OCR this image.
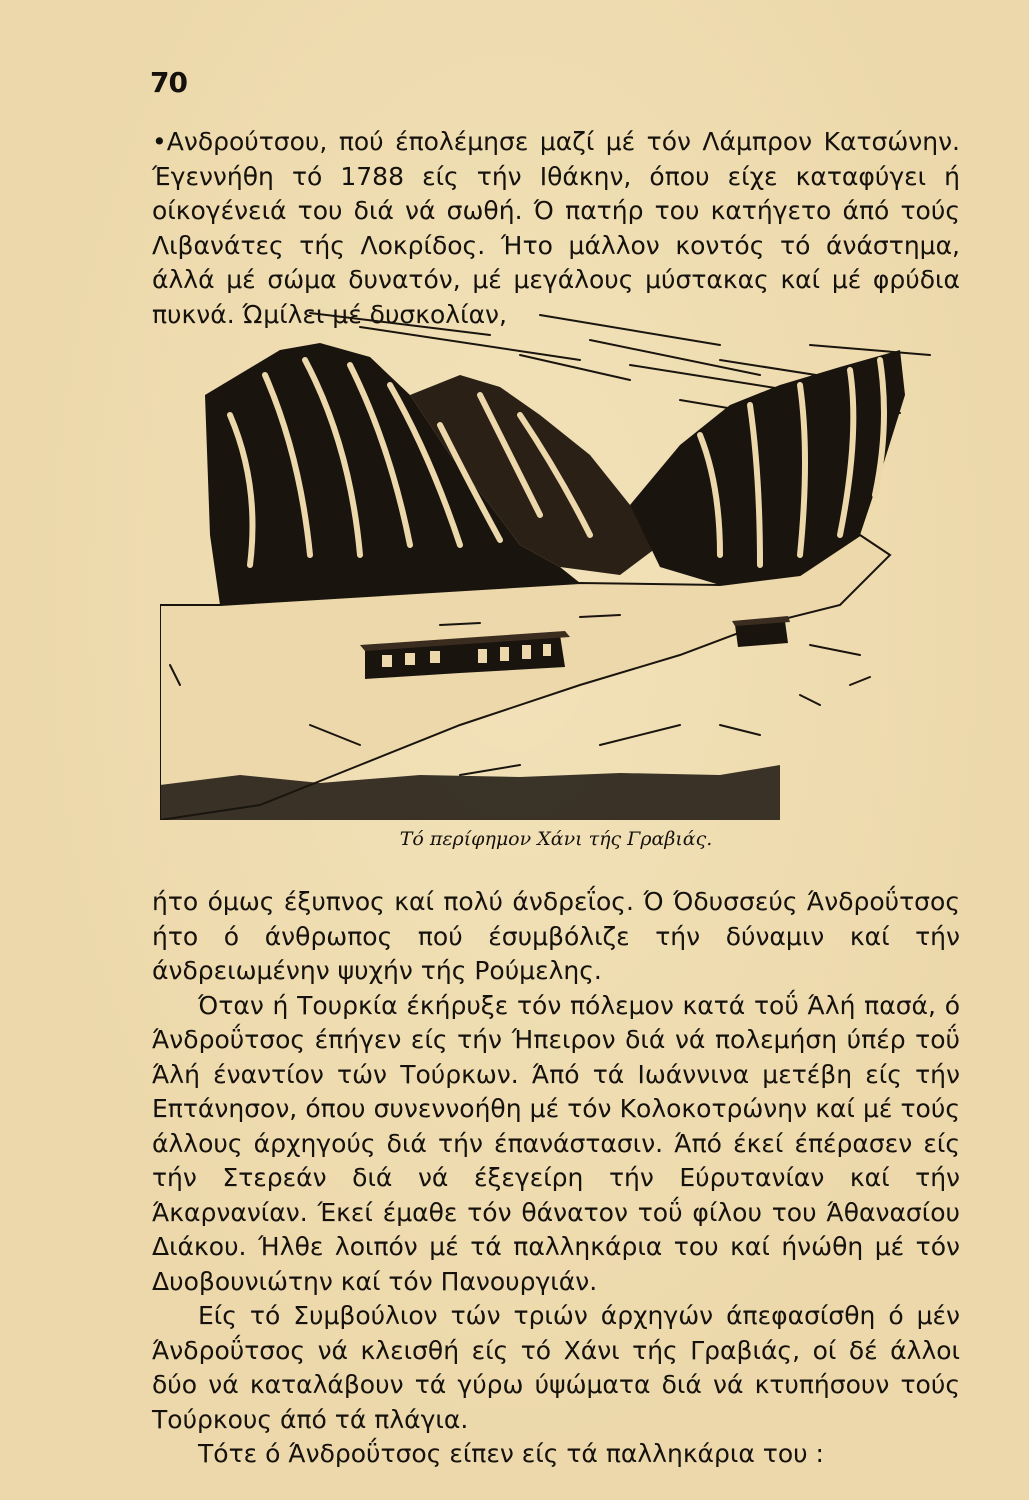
70

•Ανδρούτσου, πού έπολέμησε μαζί μέ τόν Λάμπρον Κατσώνην. Έγεννήθη τό 1788 είς τήν Ιθάκην, όπου είχε καταφύγει ή οίκογένειά του διά νά σωθή. Ό πατήρ του κατήγετο άπό τούς Λιβανάτες τής Λοκρίδος. Ήτο μάλλον κοντός τό άνάστημα, άλλά μέ σώμα δυνατόν, μέ μεγάλους μύστακας καί μέ φρύδια πυκνά. Ώμίλει μέ δυσκολίαν,

Τό περίφημον Χάνι τής Γραβιάς.

ήτο όμως έξυπνος καί πολύ άνδρεΐος. Ό Όδυσσεύς Άνδροΰτσος ήτο ό άνθρωπος πού έσυμβόλιζε τήν δύναμιν καί τήν άνδρειωμένην ψυχήν τής Ρούμελης.

Όταν ή Τουρκία έκήρυξε τόν πόλεμον κατά τοΰ Άλή πασά, ό Άνδροΰτσος έπήγεν είς τήν Ήπειρον διά νά πολεμήση ύπέρ τοΰ Άλή έναντίον τών Τούρκων. Άπό τά Ιωάννινα μετέβη είς τήν Επτάνησον, όπου συνεννοήθη μέ τόν Κολοκοτρώνην καί μέ τούς άλλους άρχηγούς διά τήν έπανάστασιν. Άπό έκεί έπέρασεν είς τήν Στερεάν διά νά έξεγείρη τήν Εύρυτανίαν καί τήν Άκαρνανίαν. Έκεί έμαθε τόν θάνατον τοΰ φίλου του Άθανασίου Διάκου. Ήλθε λοιπόν μέ τά παλληκάρια του καί ήνώθη μέ τόν Δυοβουνιώτην καί τόν Πανουργιάν.

Είς τό Συμβούλιον τών τριών άρχηγών άπεφασίσθη ό μέν Άνδροΰτσος νά κλεισθή είς τό Χάνι τής Γραβιάς, οί δέ άλλοι δύο νά καταλάβουν τά γύρω ύψώματα διά νά κτυπήσουν τούς Τούρκους άπό τά πλάγια.

Τότε ό Άνδροΰτσος είπεν είς τά παλληκάρια του :
